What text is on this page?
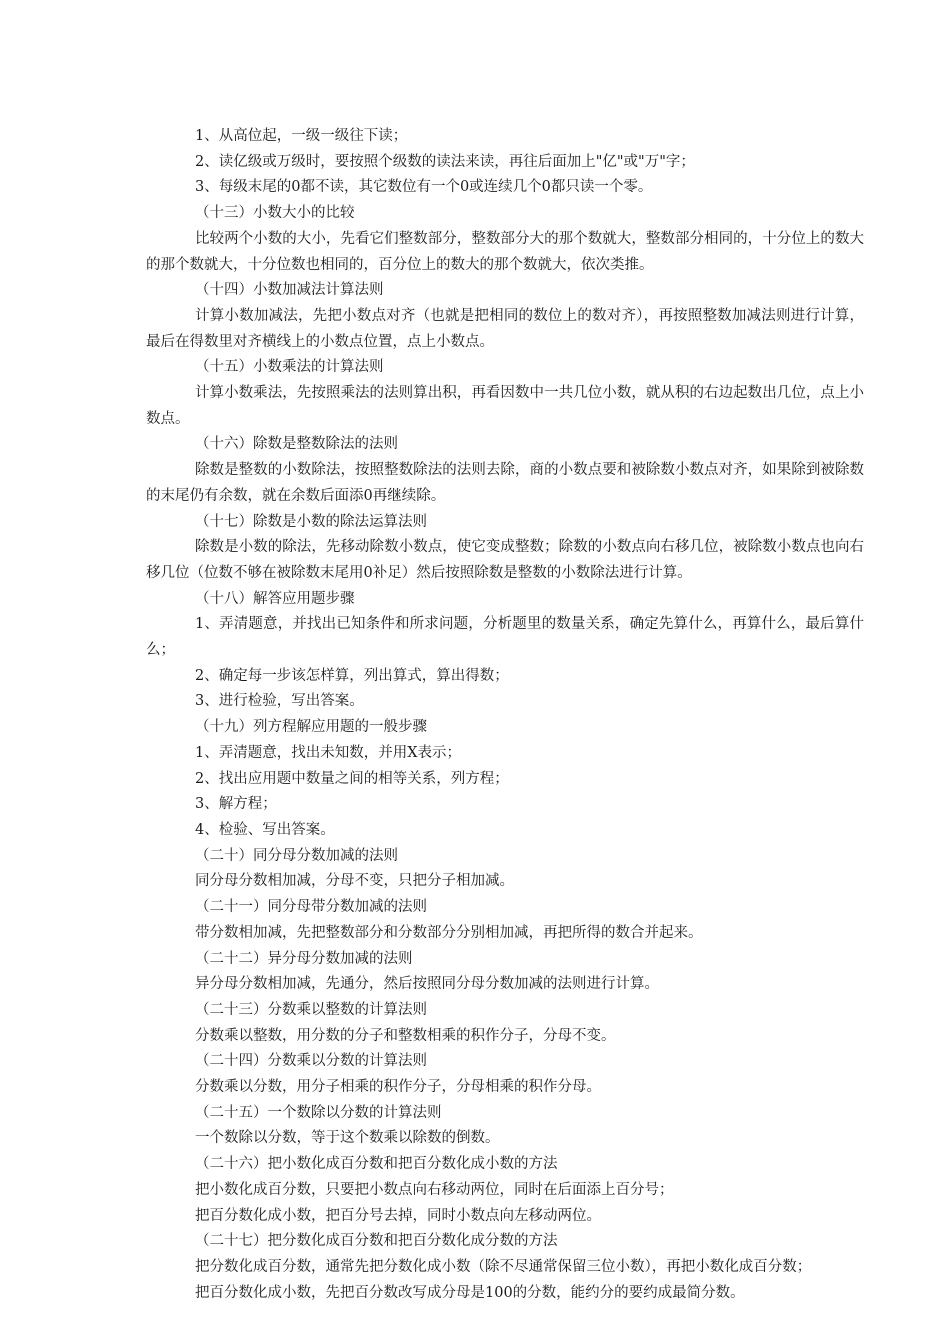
1、从高位起，一级一级往下读；

2、读亿级或万级时，要按照个级数的读法来读，再往后面加上"亿"或"万"字；

3、每级末尾的0都不读，其它数位有一个0或连续几个0都只读一个零。

（十三）小数大小的比较

比较两个小数的大小，先看它们整数部分，整数部分大的那个数就大，整数部分相同的，十分位上的数大的那个数就大，十分位数也相同的，百分位上的数大的那个数就大，依次类推。

（十四）小数加减法计算法则

计算小数加减法，先把小数点对齐（也就是把相同的数位上的数对齐），再按照整数加减法则进行计算，最后在得数里对齐横线上的小数点位置，点上小数点。

（十五）小数乘法的计算法则

计算小数乘法，先按照乘法的法则算出积，再看因数中一共几位小数，就从积的右边起数出几位，点上小数点。

（十六）除数是整数除法的法则

除数是整数的小数除法，按照整数除法的法则去除，商的小数点要和被除数小数点对齐，如果除到被除数的末尾仍有余数，就在余数后面添0再继续除。

（十七）除数是小数的除法运算法则

除数是小数的除法，先移动除数小数点，使它变成整数；除数的小数点向右移几位，被除数小数点也向右移几位（位数不够在被除数末尾用0补足）然后按照除数是整数的小数除法进行计算。

（十八）解答应用题步骤

1、弄清题意，并找出已知条件和所求问题，分析题里的数量关系，确定先算什么，再算什么，最后算什么；

2、确定每一步该怎样算，列出算式，算出得数；

3、进行检验，写出答案。

（十九）列方程解应用题的一般步骤

1、弄清题意，找出未知数，并用X表示；

2、找出应用题中数量之间的相等关系，列方程；

3、解方程；

4、检验、写出答案。

（二十）同分母分数加减的法则

同分母分数相加减，分母不变，只把分子相加减。

（二十一）同分母带分数加减的法则

带分数相加减，先把整数部分和分数部分分别相加减，再把所得的数合并起来。

（二十二）异分母分数加减的法则

异分母分数相加减，先通分，然后按照同分母分数加减的法则进行计算。

（二十三）分数乘以整数的计算法则

分数乘以整数，用分数的分子和整数相乘的积作分子，分母不变。

（二十四）分数乘以分数的计算法则

分数乘以分数，用分子相乘的积作分子，分母相乘的积作分母。

（二十五）一个数除以分数的计算法则

一个数除以分数，等于这个数乘以除数的倒数。

（二十六）把小数化成百分数和把百分数化成小数的方法

把小数化成百分数，只要把小数点向右移动两位，同时在后面添上百分号；

把百分数化成小数，把百分号去掉，同时小数点向左移动两位。

（二十七）把分数化成百分数和把百分数化成分数的方法

把分数化成百分数，通常先把分数化成小数（除不尽通常保留三位小数），再把小数化成百分数；

把百分数化成小数，先把百分数改写成分母是100的分数，能约分的要约成最简分数。
